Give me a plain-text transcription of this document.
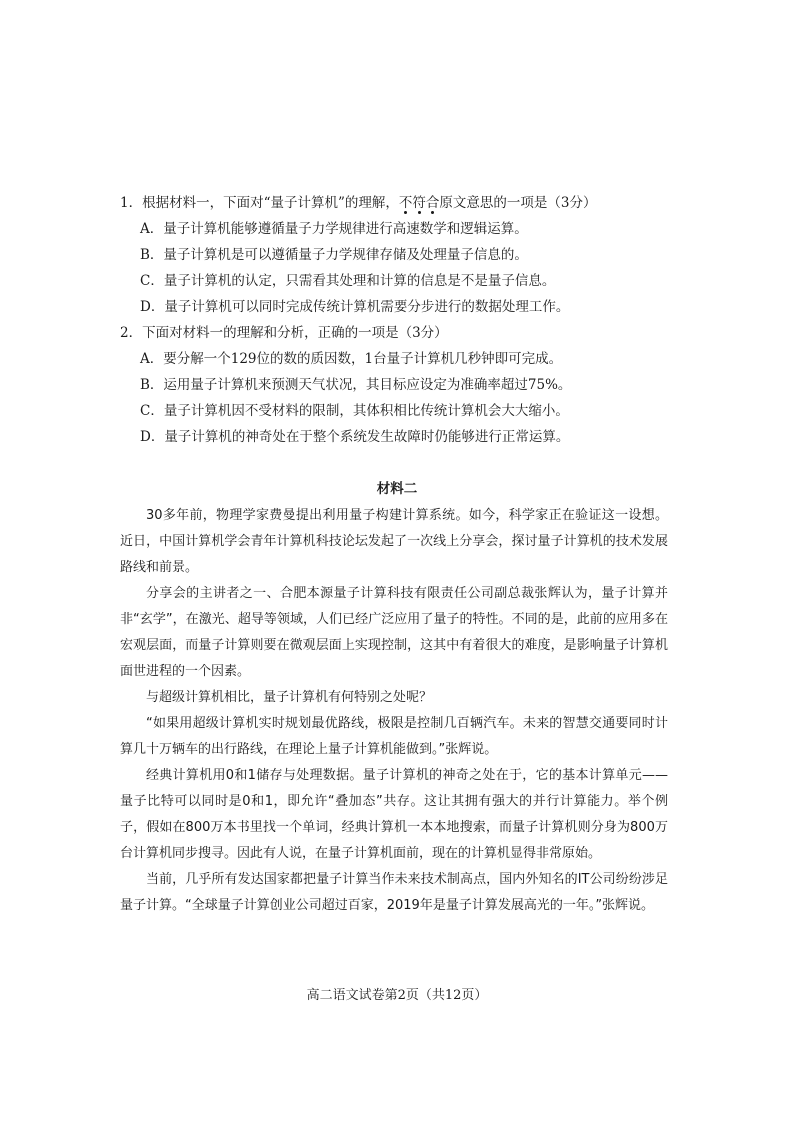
1．根据材料一，下面对“量子计算机”的理解，不符合原文意思的一项是（3分）
A．量子计算机能够遵循量子力学规律进行高速数学和逻辑运算。
B．量子计算机是可以遵循量子力学规律存储及处理量子信息的。
C．量子计算机的认定，只需看其处理和计算的信息是不是量子信息。
D．量子计算机可以同时完成传统计算机需要分步进行的数据处理工作。
2．下面对材料一的理解和分析，正确的一项是（3分）
A．要分解一个129位的数的质因数，1台量子计算机几秒钟即可完成。
B．运用量子计算机来预测天气状况，其目标应设定为准确率超过75%。
C．量子计算机因不受材料的限制，其体积相比传统计算机会大大缩小。
D．量子计算机的神奇处在于整个系统发生故障时仍能够进行正常运算。
材料二

30多年前，物理学家费曼提出利用量子构建计算系统。如今，科学家正在验证这一设想。近日，中国计算机学会青年计算机科技论坛发起了一次线上分享会，探讨量子计算机的技术发展路线和前景。

分享会的主讲者之一、合肥本源量子计算科技有限责任公司副总裁张辉认为，量子计算并非“玄学”，在激光、超导等领域，人们已经广泛应用了量子的特性。不同的是，此前的应用多在宏观层面，而量子计算则要在微观层面上实现控制，这其中有着很大的难度，是影响量子计算机面世进程的一个因素。

与超级计算机相比，量子计算机有何特别之处呢？

“如果用超级计算机实时规划最优路线，极限是控制几百辆汽车。未来的智慧交通要同时计算几十万辆车的出行路线，在理论上量子计算机能做到。”张辉说。

经典计算机用0和1储存与处理数据。量子计算机的神奇之处在于，它的基本计算单元——量子比特可以同时是0和1，即允许“叠加态”共存。这让其拥有强大的并行计算能力。举个例子，假如在800万本书里找一个单词，经典计算机一本本地搜索，而量子计算机则分身为800万台计算机同步搜寻。因此有人说，在量子计算机面前，现在的计算机显得非常原始。

当前，几乎所有发达国家都把量子计算当作未来技术制高点，国内外知名的IT公司纷纷涉足量子计算。“全球量子计算创业公司超过百家，2019年是量子计算发展高光的一年。”张辉说。

高二语文试卷第2页（共12页）
